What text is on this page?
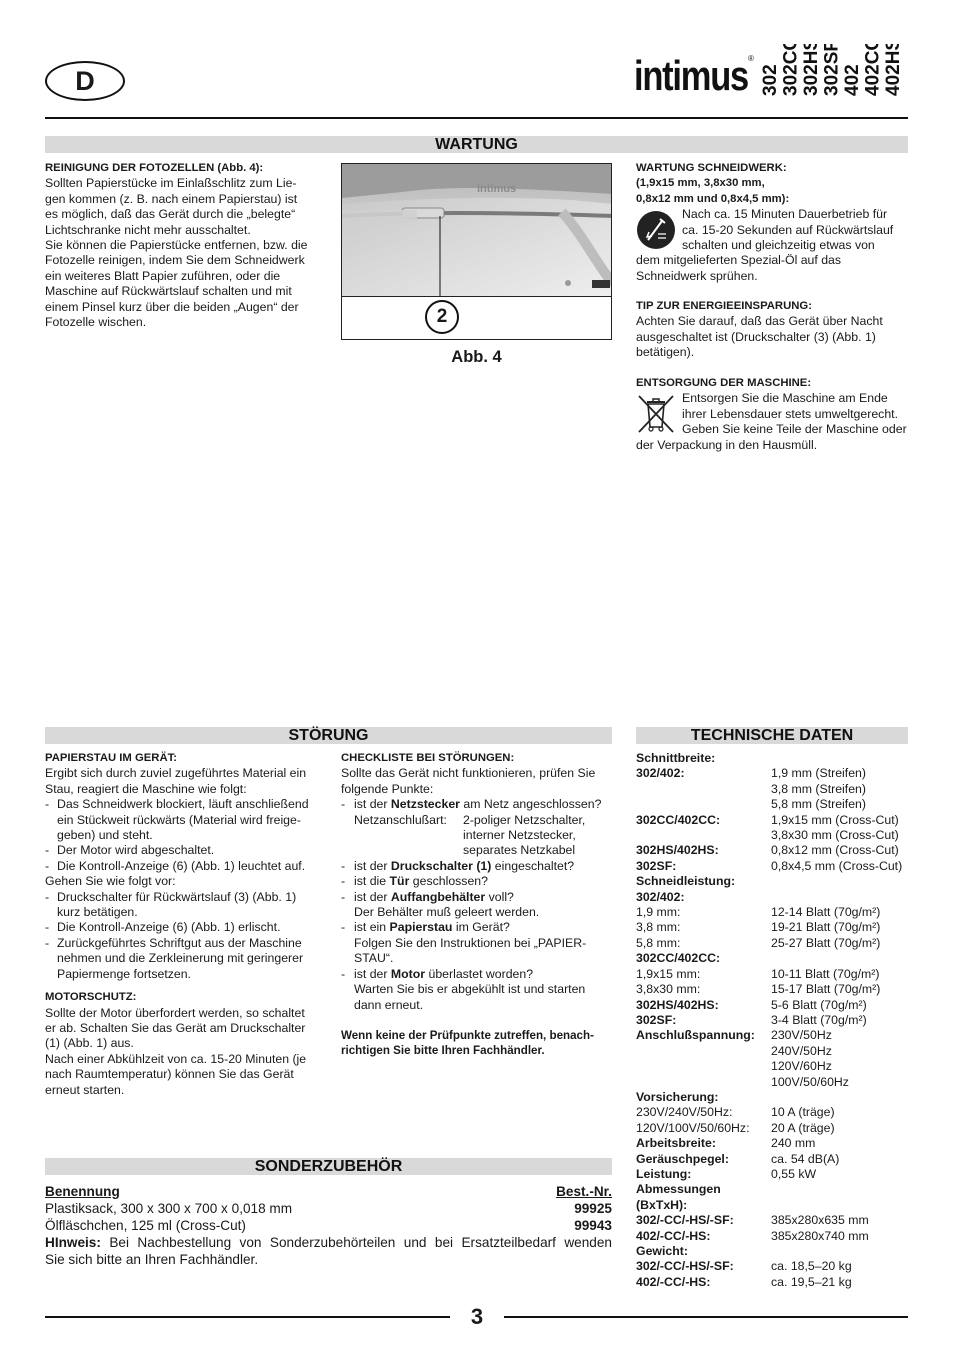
D	intimus ®
302 302CC 302HS 302SF 402 402CC 402HS
WARTUNG
REINIGUNG DER FOTOZELLEN (Abb. 4):
Sollten Papierstücke im Einlaßschlitz zum Lie-
gen kommen (z. B. nach einem Papierstau) ist
es möglich, daß das Gerät durch die „belegte“
Lichtschranke nicht mehr ausschaltet.
Sie können die Papierstücke entfernen, bzw. die
Fotozelle reinigen, indem Sie dem Schneidwerk
ein weiteres Blatt Papier zuführen, oder die
Maschine auf Rückwärtslauf schalten und mit
einem Pinsel kurz über die beiden „Augen“ der
Fotozelle wischen.
intimus
2
Abb. 4
WARTUNG SCHNEIDWERK:
(1,9x15 mm, 3,8x30 mm,
0,8x12 mm und 0,8x4,5 mm):
Nach ca. 15 Minuten Dauerbetrieb für
ca. 15-20 Sekunden auf Rückwärtslauf
schalten und gleichzeitig etwas von
dem mitgelieferten Spezial-Öl auf das
Schneidwerk sprühen.
TIP ZUR ENERGIEEINSPARUNG:
Achten Sie darauf, daß das Gerät über Nacht
ausgeschaltet ist (Druckschalter (3) (Abb. 1)
betätigen).
ENTSORGUNG DER MASCHINE:
Entsorgen Sie die Maschine am Ende
ihrer Lebensdauer stets umweltgerecht.
Geben Sie keine Teile der Maschine oder
der Verpackung in den Hausmüll.
STÖRUNG
PAPIERSTAU IM GERÄT:
Ergibt sich durch zuviel zugeführtes Material ein
Stau, reagiert die Maschine wie folgt:
- Das Schneidwerk blockiert, läuft anschließend
ein Stückweit rückwärts (Material wird freige-
geben) und steht.
- Der Motor wird abgeschaltet.
- Die Kontroll-Anzeige (6) (Abb. 1) leuchtet auf.
Gehen Sie wie folgt vor:
- Druckschalter für Rückwärtslauf (3) (Abb. 1)
kurz betätigen.
- Die Kontroll-Anzeige (6) (Abb. 1) erlischt.
- Zurückgeführtes Schriftgut aus der Maschine
nehmen und die Zerkleinerung mit geringerer
Papiermenge fortsetzen.
MOTORSCHUTZ:
Sollte der Motor überfordert werden, so schaltet
er ab. Schalten Sie das Gerät am Druckschalter
(1) (Abb. 1) aus.
Nach einer Abkühlzeit von ca. 15-20 Minuten (je
nach Raumtemperatur) können Sie das Gerät
erneut starten.
CHECKLISTE BEI STÖRUNGEN:
Sollte das Gerät nicht funktionieren, prüfen Sie
folgende Punkte:
- ist der Netzstecker am Netz angeschlossen?
Netzanschlußart:	2-poliger Netzschalter,
interner Netzstecker,
separates Netzkabel
- ist der Druckschalter (1) eingeschaltet?
- ist die Tür geschlossen?
- ist der Auffangbehälter voll?
Der Behälter muß geleert werden.
- ist ein Papierstau im Gerät?
Folgen Sie den Instruktionen bei „PAPIER-
STAU“.
- ist der Motor überlastet worden?
Warten Sie bis er abgekühlt ist und starten
dann erneut.
Wenn keine der Prüfpunkte zutreffen, benach-
richtigen Sie bitte Ihren Fachhändler.
SONDERZUBEHÖR
Benennung	Best.-Nr.
Plastiksack, 300 x 300 x 700 x 0,018 mm	99925
Ölfläschchen, 125 ml (Cross-Cut)	99943
HInweis: Bei Nachbestellung von Sonderzubehörteilen und bei Ersatzteilbedarf wenden
Sie sich bitte an Ihren Fachhändler.
TECHNISCHE DATEN
Schnittbreite:
302/402:	1,9 mm (Streifen)
3,8 mm (Streifen)
5,8 mm (Streifen)
302CC/402CC:	1,9x15 mm (Cross-Cut)
3,8x30 mm (Cross-Cut)
302HS/402HS:	0,8x12 mm (Cross-Cut)
302SF:	0,8x4,5 mm (Cross-Cut)
Schneidleistung:
302/402:
1,9 mm:	12-14 Blatt (70g/m²)
3,8 mm:	19-21 Blatt (70g/m²)
5,8 mm:	25-27 Blatt (70g/m²)
302CC/402CC:
1,9x15 mm:	10-11 Blatt (70g/m²)
3,8x30 mm:	15-17 Blatt (70g/m²)
302HS/402HS:	5-6 Blatt (70g/m²)
302SF:	3-4 Blatt (70g/m²)
Anschlußspannung:	230V/50Hz
240V/50Hz
120V/60Hz
100V/50/60Hz
Vorsicherung:
230V/240V/50Hz:	10 A (träge)
120V/100V/50/60Hz:	20 A (träge)
Arbeitsbreite:	240 mm
Geräuschpegel:	ca. 54 dB(A)
Leistung:	0,55 kW
Abmessungen (BxTxH):
302/-CC/-HS/-SF:	385x280x635 mm
402/-CC/-HS:	385x280x740 mm
Gewicht:
302/-CC/-HS/-SF:	ca. 18,5–20 kg
402/-CC/-HS:	ca. 19,5–21 kg
3
